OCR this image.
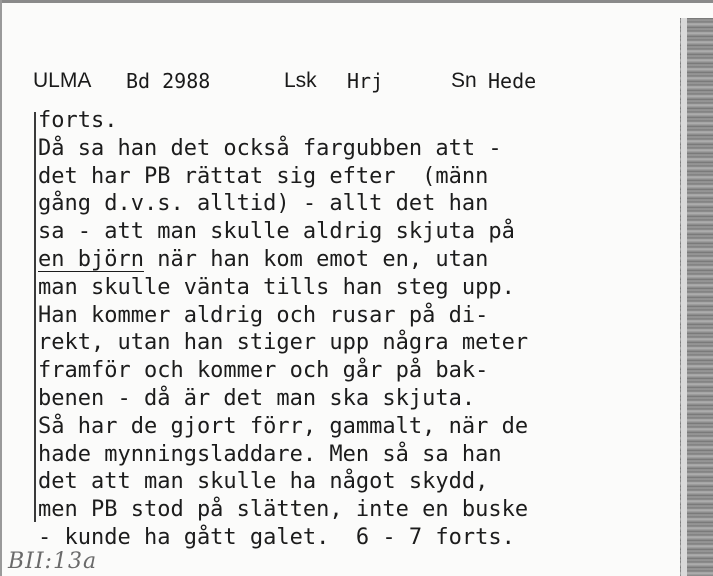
ULMA Bd 2988	Lsk Hrj	Sn Hede
forts.
Då sa han det också fargubben att -
det har PB rättat sig efter  (männ
gång d.v.s. alltid) - allt det han
sa - att man skulle aldrig skjuta på
en björn när han kom emot en, utan
man skulle vänta tills han steg upp.
Han kommer aldrig och rusar på di-
rekt, utan han stiger upp några meter
framför och kommer och går på bak-
benen - då är det man ska skjuta.
Så har de gjort förr, gammalt, när de
hade mynningsladdare. Men så sa han
det att man skulle ha något skydd,
men PB stod på slätten, inte en buske
- kunde ha gått galet.  6 - 7 forts.
BII:13a
